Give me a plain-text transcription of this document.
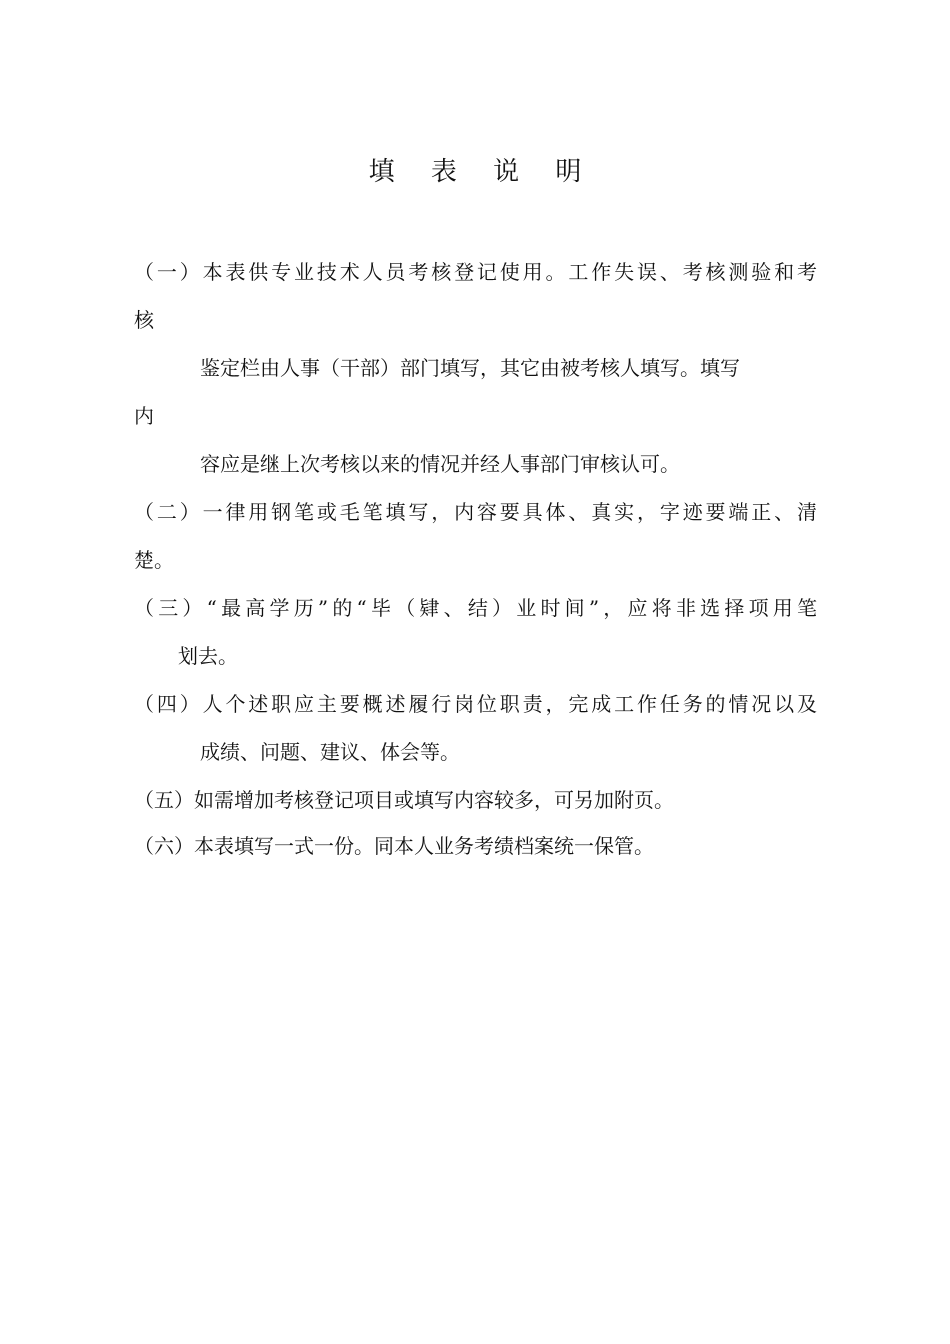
填 表 说 明

（一）本表供专业技术人员考核登记使用。工作失误、考核测验和考

核

鉴定栏由人事（干部）部门填写，其它由被考核人填写。填写

内

容应是继上次考核以来的情况并经人事部门审核认可。

（二）一律用钢笔或毛笔填写，内容要具体、真实，字迹要端正、清

楚。

（三）“最高学历”的“毕（肄、结）业时间”，应将非选择项用笔

划去。

（四）人个述职应主要概述履行岗位职责，完成工作任务的情况以及

成绩、问题、建议、体会等。

（五）如需增加考核登记项目或填写内容较多，可另加附页。

（六）本表填写一式一份。同本人业务考绩档案统一保管。
